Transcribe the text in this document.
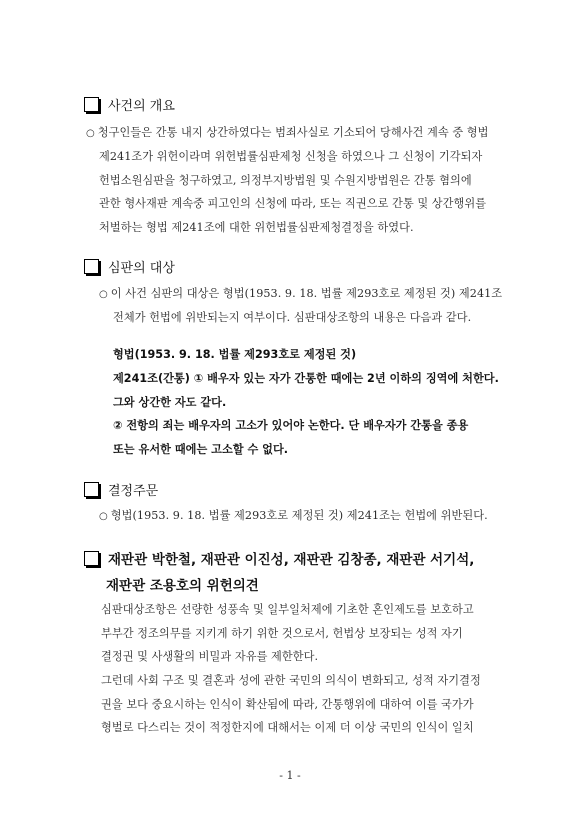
사건의 개요
○ 청구인들은 간통 내지 상간하였다는 범죄사실로 기소되어 당해사건 계속 중 형법
제241조가 위헌이라며 위헌법률심판제청 신청을 하였으나 그 신청이 기각되자
헌법소원심판을 청구하였고, 의정부지방법원 및 수원지방법원은 간통 혐의에
관한 형사재판 계속중 피고인의 신청에 따라, 또는 직권으로 간통 및 상간행위를
처벌하는 형법 제241조에 대한 위헌법률심판제청결정을 하였다.
심판의 대상
○ 이 사건 심판의 대상은 형법(1953. 9. 18. 법률 제293호로 제정된 것) 제241조
전체가 헌법에 위반되는지 여부이다. 심판대상조항의 내용은 다음과 같다.
형법(1953. 9. 18. 법률 제293호로 제정된 것)
제241조(간통) ① 배우자 있는 자가 간통한 때에는 2년 이하의 징역에 처한다.
그와 상간한 자도 같다.
② 전항의 죄는 배우자의 고소가 있어야 논한다. 단 배우자가 간통을 종용
또는 유서한 때에는 고소할 수 없다.
결정주문
○ 형법(1953. 9. 18. 법률 제293호로 제정된 것) 제241조는 헌법에 위반된다.
재판관 박한철, 재판관 이진성, 재판관 김창종, 재판관 서기석,
재판관 조용호의 위헌의견
심판대상조항은 선량한 성풍속 및 일부일처제에 기초한 혼인제도를 보호하고
부부간 정조의무를 지키게 하기 위한 것으로서, 헌법상 보장되는 성적 자기
결정권 및 사생활의 비밀과 자유를 제한한다.
그런데 사회 구조 및 결혼과 성에 관한 국민의 의식이 변화되고, 성적 자기결정
권을 보다 중요시하는 인식이 확산됨에 따라, 간통행위에 대하여 이를 국가가
형벌로 다스리는 것이 적정한지에 대해서는 이제 더 이상 국민의 인식이 일치
- 1 -
